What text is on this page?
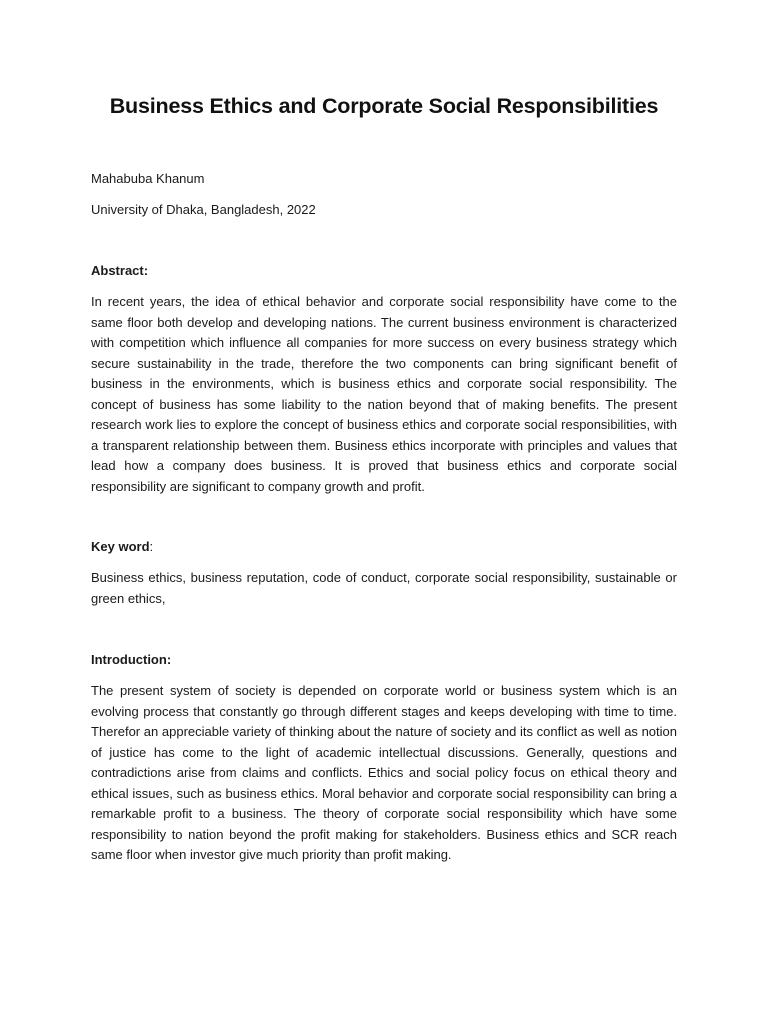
Business Ethics and Corporate Social Responsibilities
Mahabuba Khanum
University of Dhaka, Bangladesh, 2022
Abstract:

In recent years, the idea of ethical behavior and corporate social responsibility have come to the same floor both develop and developing nations. The current business environment is characterized with competition which influence all companies for more success on every business strategy which secure sustainability in the trade, therefore the two components can bring significant benefit of business in the environments, which is business ethics and corporate social responsibility. The concept of business has some liability to the nation beyond that of making benefits. The present research work lies to explore the concept of business ethics and corporate social responsibilities, with a transparent relationship between them. Business ethics incorporate with principles and values that lead how a company does business. It is proved that business ethics and corporate social responsibility are significant to company growth and profit.

Key word:

Business ethics, business reputation, code of conduct, corporate social responsibility, sustainable or green ethics,

Introduction:

The present system of society is depended on corporate world or business system which is an evolving process that constantly go through different stages and keeps developing with time to time. Therefor an appreciable variety of thinking about the nature of society and its conflict as well as notion of justice has come to the light of academic intellectual discussions. Generally, questions and contradictions arise from claims and conflicts. Ethics and social policy focus on ethical theory and ethical issues, such as business ethics. Moral behavior and corporate social responsibility can bring a remarkable profit to a business. The theory of corporate social responsibility which have some responsibility to nation beyond the profit making for stakeholders. Business ethics and SCR reach same floor when investor give much priority than profit making.
